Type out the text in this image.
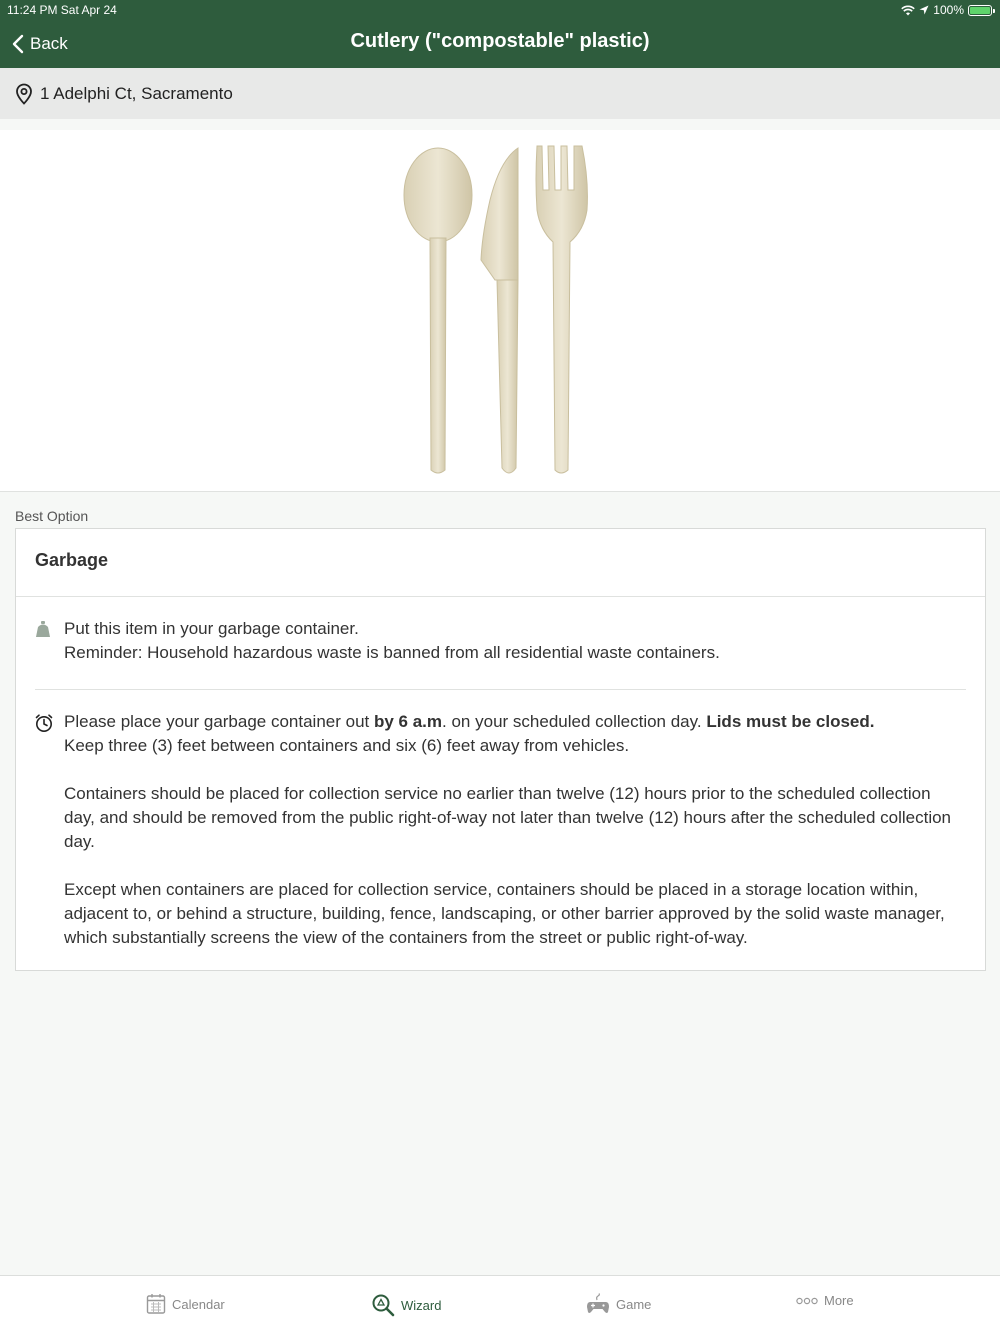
11:24 PM Sat Apr 24	100%
Back	Cutlery ("compostable" plastic)
1 Adelphi Ct, Sacramento
Best Option
Garbage
Put this item in your garbage container.
Reminder: Household hazardous waste is banned from all residential waste containers.

Please place your garbage container out by 6 a.m. on your scheduled collection day. Lids must be closed.
Keep three (3) feet between containers and six (6) feet away from vehicles.

Containers should be placed for collection service no earlier than twelve (12) hours prior to the scheduled collection day, and should be removed from the public right-of-way not later than twelve (12) hours after the scheduled collection day.

Except when containers are placed for collection service, containers should be placed in a storage location within, adjacent to, or behind a structure, building, fence, landscaping, or other barrier approved by the solid waste manager, which substantially screens the view of the containers from the street or public right-of-way.

Calendar	Wizard	Game	More
